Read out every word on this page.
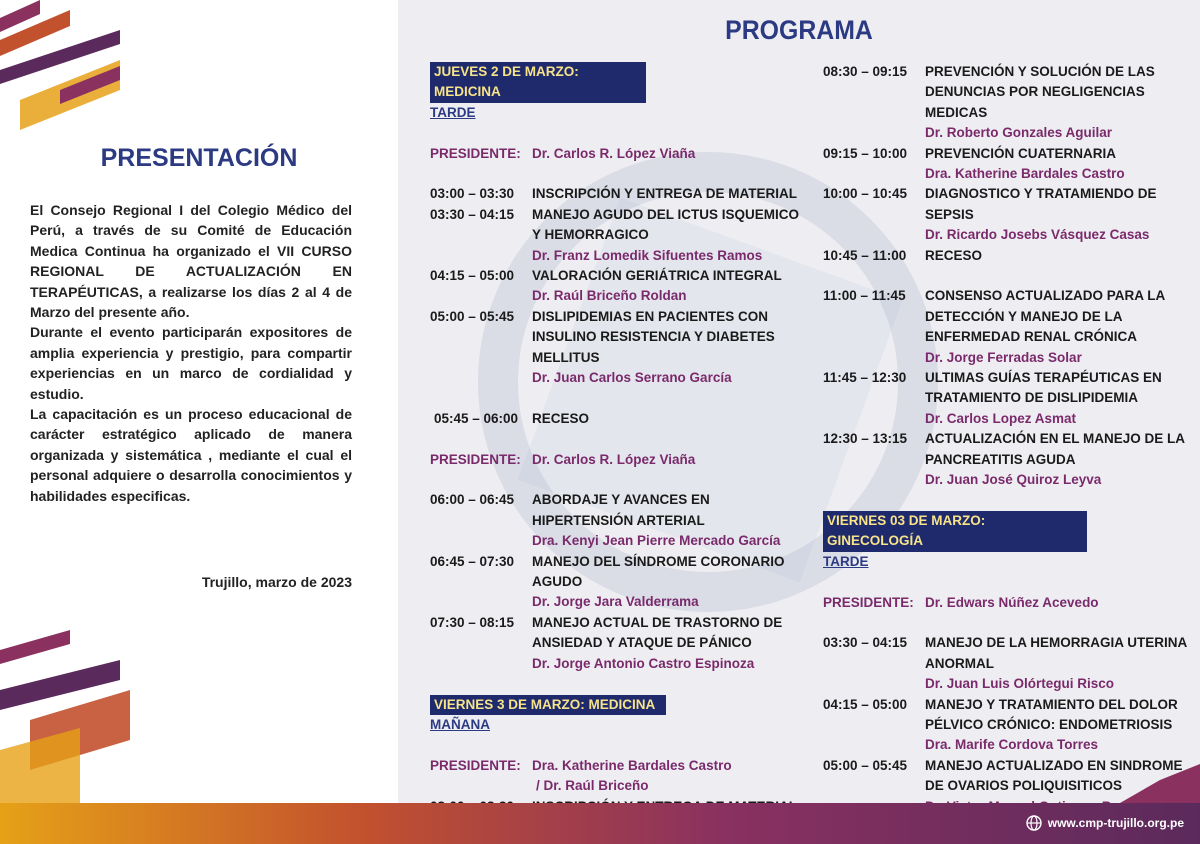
PRESENTACIÓN

El Consejo Regional I del Colegio Médico del Perú, a través de su Comité de Educación Medica Continua ha organizado el VII CURSO REGIONAL DE ACTUALIZACIÓN EN TERAPÉUTICAS, a realizarse los días 2 al 4 de Marzo del presente año.

Durante el evento participarán expositores de amplia experiencia y prestigio, para compartir experiencias en un marco de cordialidad y estudio.

La capacitación es un proceso educacional de carácter estratégico aplicado de manera organizada y sistemática , mediante el cual el personal adquiere o desarrolla conocimientos y habilidades especificas.

Trujillo, marzo de 2023
PROGRAMA
JUEVES 2 DE MARZO: MEDICINA
TARDE
PRESIDENTE: Dr. Carlos R. López Viaña
03:00 – 03:30	INSCRIPCIÓN Y ENTREGA DE MATERIAL
03:30 – 04:15	MANEJO AGUDO DEL ICTUS ISQUEMICO Y HEMORRAGICO
Dr. Franz Lomedik Sifuentes Ramos
04:15 – 05:00	VALORACIÓN GERIÁTRICA INTEGRAL
Dr. Raúl Briceño Roldan
05:00 – 05:45	DISLIPIDEMIAS EN PACIENTES CON INSULINO RESISTENCIA Y DIABETES MELLITUS
Dr. Juan Carlos Serrano García
05:45 – 06:00	RECESO
PRESIDENTE: Dr. Carlos R. López Viaña
06:00 – 06:45	ABORDAJE Y AVANCES EN HIPERTENSIÓN ARTERIAL
Dra. Kenyi Jean Pierre Mercado García
06:45 – 07:30	MANEJO DEL SÍNDROME CORONARIO AGUDO
Dr. Jorge Jara Valderrama
07:30 – 08:15	MANEJO ACTUAL DE TRASTORNO DE ANSIEDAD Y ATAQUE DE PÁNICO
Dr. Jorge Antonio Castro Espinoza
VIERNES 3 DE MARZO: MEDICINA
MAÑANA
PRESIDENTE: Dra. Katherine Bardales Castro
/ Dr. Raúl Briceño
08:30 – 09:15	PREVENCIÓN Y SOLUCIÓN DE LAS DENUNCIAS POR NEGLIGENCIAS MEDICAS
Dr. Roberto Gonzales Aguilar
09:15 – 10:00	PREVENCIÓN CUATERNARIA
Dra. Katherine Bardales Castro
10:00 – 10:45	DIAGNOSTICO Y TRATAMIENDO DE SEPSIS
Dr. Ricardo Josebs Vásquez Casas
10:45 – 11:00	RECESO
11:00 – 11:45	CONSENSO ACTUALIZADO PARA LA DETECCIÓN Y MANEJO DE LA ENFERMEDAD RENAL CRÓNICA
Dr. Jorge Ferradas Solar
11:45 – 12:30	ULTIMAS GUÍAS TERAPÉUTICAS EN TRATAMIENTO DE DISLIPIDEMIA
Dr. Carlos Lopez Asmat
12:30 – 13:15	ACTUALIZACIÓN EN EL MANEJO DE LA PANCREATITIS AGUDA
Dr. Juan José Quiroz Leyva
VIERNES 03 DE MARZO: GINECOLOGÍA
TARDE
PRESIDENTE: Dr. Edwars Núñez Acevedo
03:30 – 04:15	MANEJO DE LA HEMORRAGIA UTERINA ANORMAL
Dr. Juan Luis Olórtegui Risco
04:15 – 05:00	MANEJO Y TRATAMIENTO DEL DOLOR PÉLVICO CRÓNICO: ENDOMETRIOSIS
Dra. Marife Cordova Torres
05:00 – 05:45	MANEJO ACTUALIZADO EN SINDROME DE OVARIOS POLIQUISITICOS
www.cmp-trujillo.org.pe
